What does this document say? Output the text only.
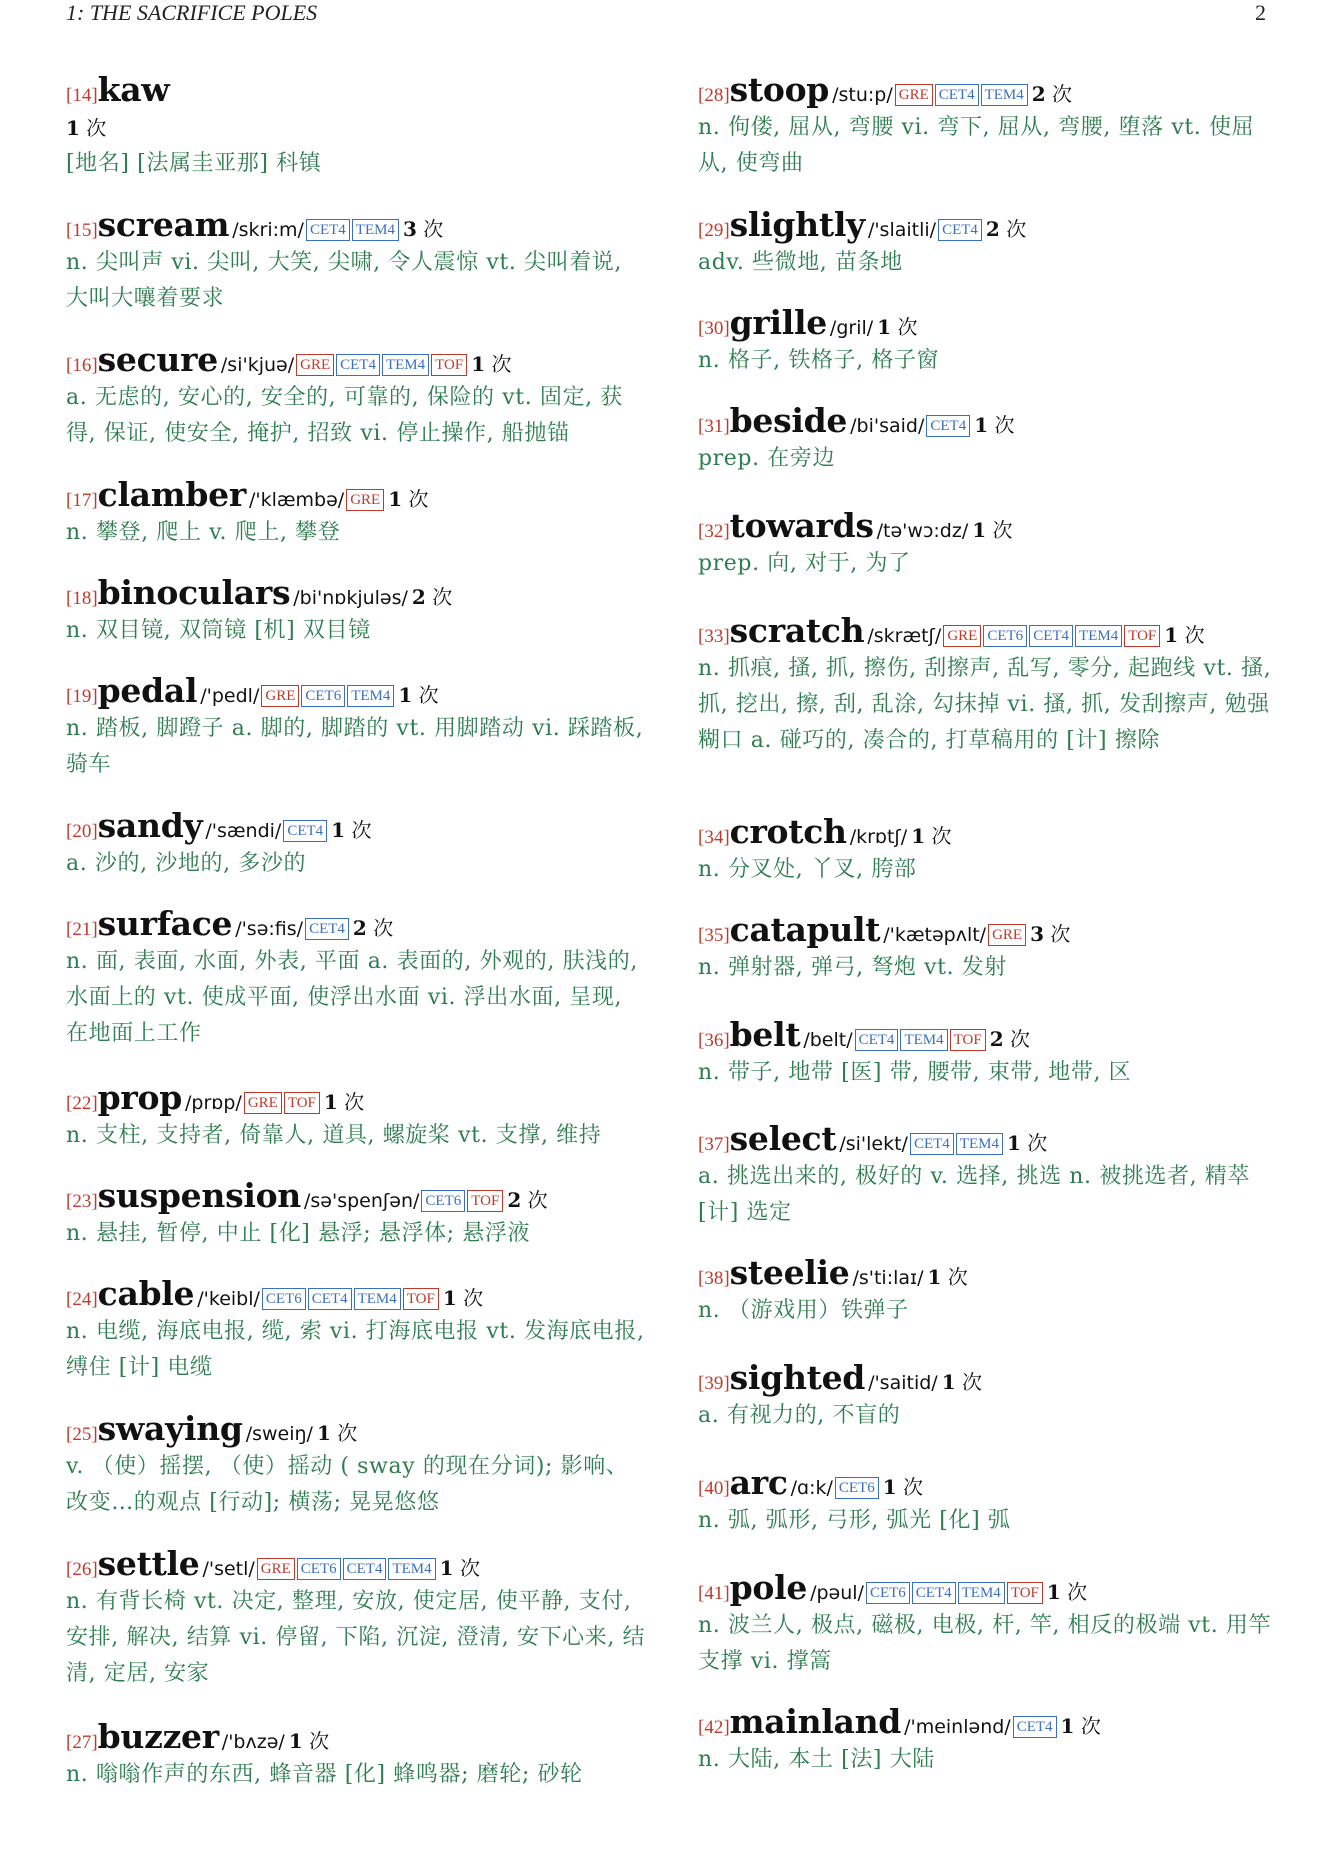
1: THE SACRIFICE POLES	2
[14]kaw
1 次
[地名] [法属圭亚那] 科镇
[15]scream /skri:m/ CET4 TEM4 3 次
n. 尖叫声 vi. 尖叫, 大笑, 尖啸, 令人震惊 vt. 尖叫着说, 大叫大嚷着要求
[16]secure /si'kjuə/ GRE CET4 TEM4 TOF 1 次
a. 无虑的, 安心的, 安全的, 可靠的, 保险的 vt. 固定, 获得, 保证, 使安全, 掩护, 招致 vi. 停止操作, 船抛锚
[17]clamber /'klæmbə/ GRE 1 次
n. 攀登, 爬上 v. 爬上, 攀登
[18]binoculars /bi'nɒkjuləs/ 2 次
n. 双目镜, 双筒镜 [机] 双目镜
[19]pedal /'pedl/ GRE CET6 TEM4 1 次
n. 踏板, 脚蹬子 a. 脚的, 脚踏的 vt. 用脚踏动 vi. 踩踏板, 骑车
[20]sandy /'sændi/ CET4 1 次
a. 沙的, 沙地的, 多沙的
[21]surface /'sə:fis/ CET4 2 次
n. 面, 表面, 水面, 外表, 平面 a. 表面的, 外观的, 肤浅的, 水面上的 vt. 使成平面, 使浮出水面 vi. 浮出水面, 呈现, 在地面上工作
[22]prop /prɒp/ GRE TOF 1 次
n. 支柱, 支持者, 倚靠人, 道具, 螺旋桨 vt. 支撑, 维持
[23]suspension /sə'spenʃən/ CET6 TOF 2 次
n. 悬挂, 暂停, 中止 [化] 悬浮; 悬浮体; 悬浮液
[24]cable /'keibl/ CET6 CET4 TEM4 TOF 1 次
n. 电缆, 海底电报, 缆, 索 vi. 打海底电报 vt. 发海底电报, 缚住 [计] 电缆
[25]swaying /sweiŋ/ 1 次
v. （使）摇摆, （使）摇动 ( sway 的现在分词); 影响、改变…的观点 [行动]; 横荡; 晃晃悠悠
[26]settle /'setl/ GRE CET6 CET4 TEM4 1 次
n. 有背长椅 vt. 决定, 整理, 安放, 使定居, 使平静, 支付, 安排, 解决, 结算 vi. 停留, 下陷, 沉淀, 澄清, 安下心来, 结清, 定居, 安家
[27]buzzer /'bʌzə/ 1 次
n. 嗡嗡作声的东西, 蜂音器 [化] 蜂鸣器; 磨轮; 砂轮
[28]stoop /stu:p/ GRE CET4 TEM4 2 次
n. 佝偻, 屈从, 弯腰 vi. 弯下, 屈从, 弯腰, 堕落 vt. 使屈从, 使弯曲
[29]slightly /'slaitli/ CET4 2 次
adv. 些微地, 苗条地
[30]grille /gril/ 1 次
n. 格子, 铁格子, 格子窗
[31]beside /bi'said/ CET4 1 次
prep. 在旁边
[32]towards /tə'wɔ:dz/ 1 次
prep. 向, 对于, 为了
[33]scratch /skrætʃ/ GRE CET6 CET4 TEM4 TOF 1 次
n. 抓痕, 搔, 抓, 擦伤, 刮擦声, 乱写, 零分, 起跑线 vt. 搔, 抓, 挖出, 擦, 刮, 乱涂, 勾抹掉 vi. 搔, 抓, 发刮擦声, 勉强糊口 a. 碰巧的, 凑合的, 打草稿用的 [计] 擦除
[34]crotch /krɒtʃ/ 1 次
n. 分叉处, 丫叉, 胯部
[35]catapult /'kætəpʌlt/ GRE 3 次
n. 弹射器, 弹弓, 弩炮 vt. 发射
[36]belt /belt/ CET4 TEM4 TOF 2 次
n. 带子, 地带 [医] 带, 腰带, 束带, 地带, 区
[37]select /si'lekt/ CET4 TEM4 1 次
a. 挑选出来的, 极好的 v. 选择, 挑选 n. 被挑选者, 精萃 [计] 选定
[38]steelie /s'ti:laɪ/ 1 次
n. （游戏用）铁弹子
[39]sighted /'saitid/ 1 次
a. 有视力的, 不盲的
[40]arc /ɑ:k/ CET6 1 次
n. 弧, 弧形, 弓形, 弧光 [化] 弧
[41]pole /pəul/ CET6 CET4 TEM4 TOF 1 次
n. 波兰人, 极点, 磁极, 电极, 杆, 竿, 相反的极端 vt. 用竿支撑 vi. 撑篙
[42]mainland /'meinlənd/ CET4 1 次
n. 大陆, 本土 [法] 大陆
